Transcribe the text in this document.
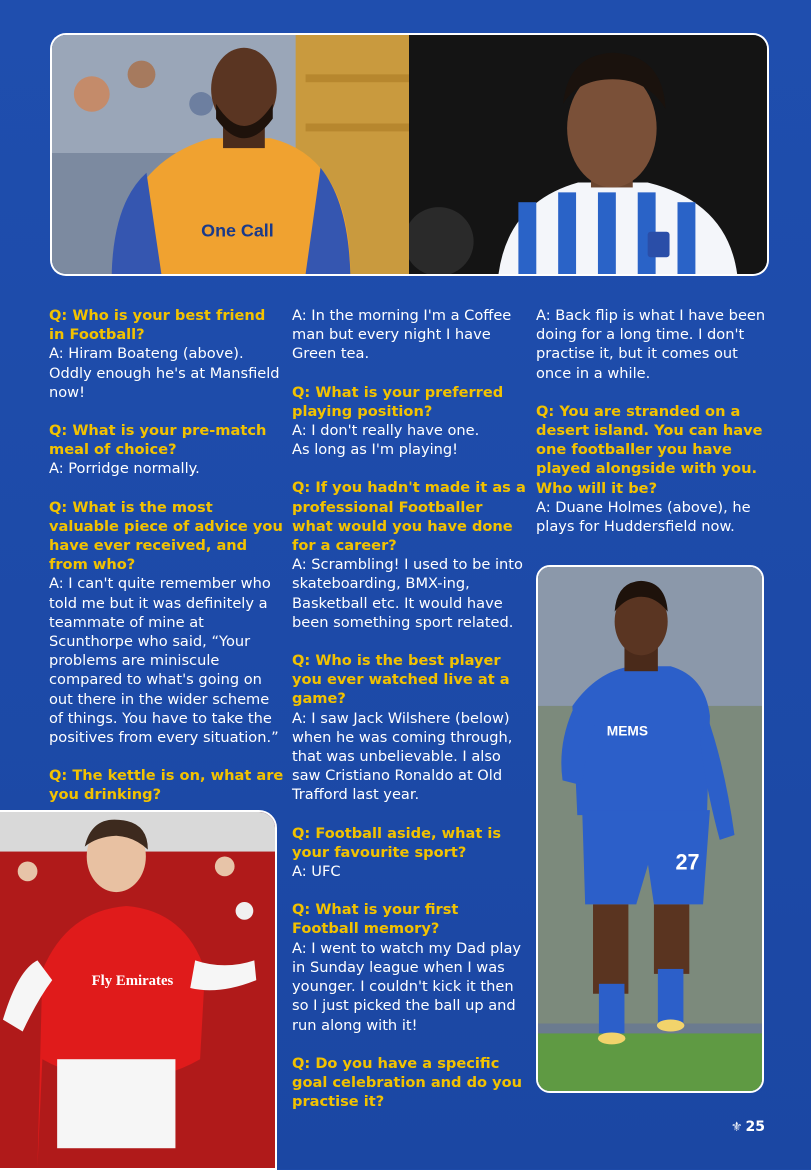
One Call
Fly Emirates
MEMS
27
Q: Who is your best friend in Football?
A: Hiram Boateng (above). Oddly enough he's at Mansfield now!
Q: What is your pre-match meal of choice?
A: Porridge normally.
Q: What is the most valuable piece of advice you have ever received, and from who?
A: I can't quite remember who told me but it was definitely a teammate of mine at Scunthorpe who said, “Your problems are miniscule compared to what's going on out there in the wider scheme of things. You have to take the positives from every situation.”
Q: The kettle is on, what are you drinking?
A: In the morning I'm a Coffee man but every night I have Green tea.
Q: What is your preferred playing position?
A: I don't really have one.
As long as I'm playing!
Q: If you hadn't made it as a professional Footballer what would you have done for a career?
A: Scrambling! I used to be into skateboarding, BMX-ing, Basketball etc. It would have been something sport related.
Q: Who is the best player you ever watched live at a game?
A: I saw Jack Wilshere (below) when he was coming through, that was unbelievable. I also saw Cristiano Ronaldo at Old Trafford last year.
Q: Football aside, what is your favourite sport?
A: UFC
Q: What is your first Football memory?
A: I went to watch my Dad play in Sunday league when I was younger. I couldn't kick it then so I just picked the ball up and run along with it!
Q: Do you have a specific goal celebration and do you practise it?
A: Back flip is what I have been doing for a long time. I don't practise it, but it comes out once in a while.
Q: You are stranded on a desert island. You can have one footballer you have played alongside with you. Who will it be?
A: Duane Holmes (above), he plays for Huddersfield now.
⚜ 25
